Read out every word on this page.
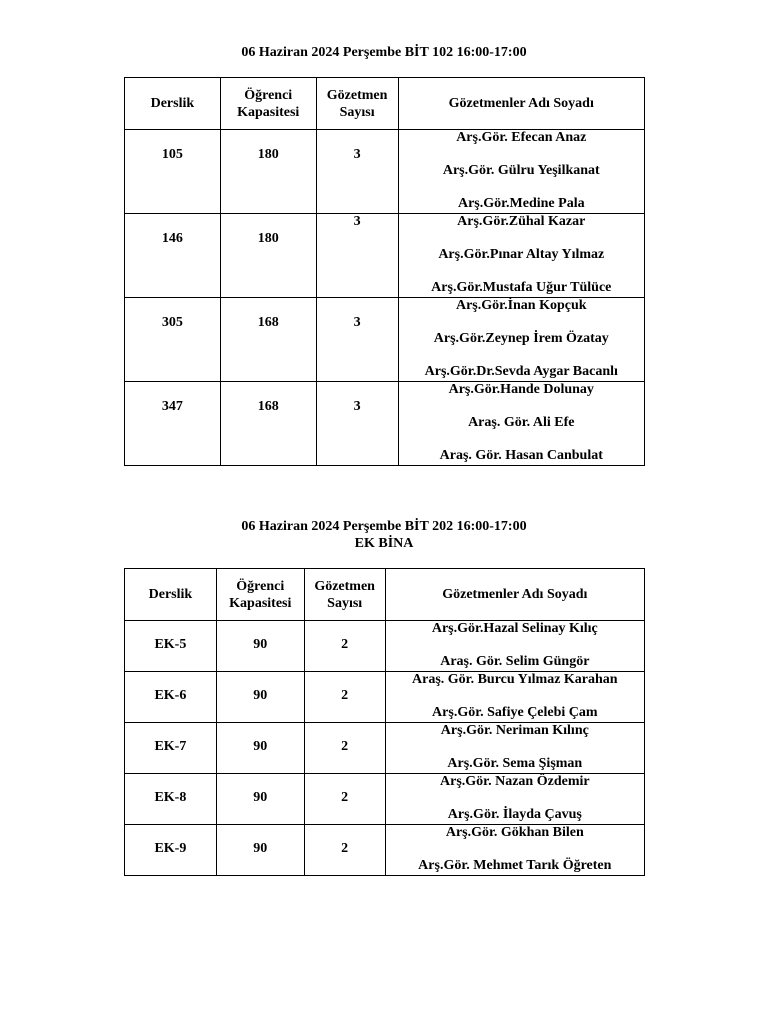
06 Haziran 2024 Perşembe BİT 102 16:00-17:00
Derslik	Öğrenci Kapasitesi	Gözetmen Sayısı	Gözetmenler Adı Soyadı
105	180	3	Arş.Gör. Efecan Anaz
Arş.Gör. Gülru Yeşilkanat
Arş.Gör.Medine Pala

146	180	3	Arş.Gör.Zühal Kazar
Arş.Gör.Pınar Altay Yılmaz
Arş.Gör.Mustafa Uğur Tülüce

305	168	3	Arş.Gör.İnan Kopçuk
Arş.Gör.Zeynep İrem Özatay
Arş.Gör.Dr.Sevda Aygar Bacanlı

347	168	3	Arş.Gör.Hande Dolunay
Araş. Gör. Ali Efe
Araş. Gör. Hasan Canbulat
06 Haziran 2024 Perşembe BİT 202 16:00-17:00
EK BİNA
Derslik	Öğrenci Kapasitesi	Gözetmen Sayısı	Gözetmenler Adı Soyadı
EK-5	90	2	Arş.Gör.Hazal Selinay Kılıç
Araş. Gör. Selim Güngör

EK-6	90	2	Araş. Gör. Burcu Yılmaz Karahan
Arş.Gör. Safiye Çelebi Çam

EK-7	90	2	Arş.Gör. Neriman Kılınç
Arş.Gör. Sema Şişman

EK-8	90	2	Arş.Gör. Nazan Özdemir
Arş.Gör. İlayda Çavuş

EK-9	90	2	Arş.Gör. Gökhan Bilen
Arş.Gör. Mehmet Tarık Öğreten
